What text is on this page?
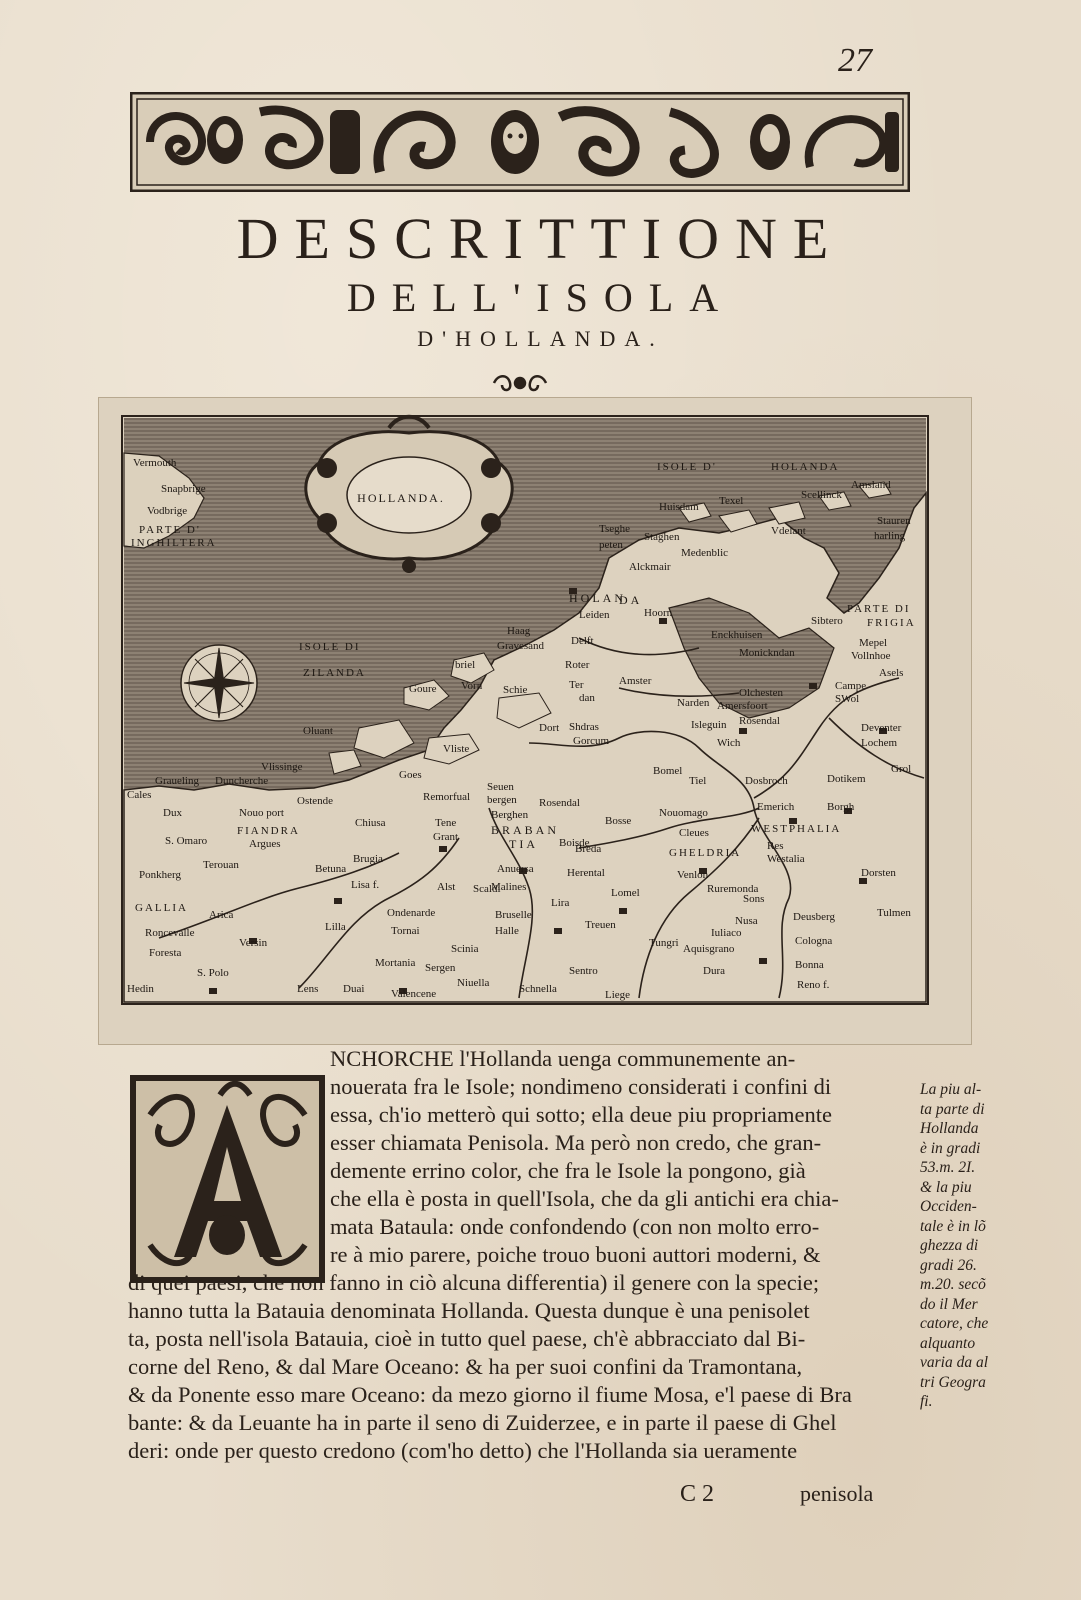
27
DESCRITTIONE
DELL'ISOLA
D'HOLLANDA.
HOLLANDA.
Vermouth
Snapbrige
Vodbrige
PARTE D'
INGHILTERA
ISOLE D'	HOLANDA
Amsland
Scellinck
Huisdam Texel
Vdelant
Stauren
harling
Tseghe
peten
Staghen
Medenblic
Alckmair
HOLAN
DA
Leiden	Hoorn
Haag
Gravesand Delft
Roter
Enckhuisen
Sibtero
PARTE DI
FRIGIA
Mepel
Vollnhoe
ISOLE DI
ZILANDA
briel
Vorn Schie	Ter
dan
Amster
Monickndan
Asels
Campe
SWol
Narden
Olchesten
Amersfoort
Rosendal
Wich
Isleguin
Goure
Vlissinge
Oluant
Vliste
Goes
Dort
Gorcum
Shdras	Deventer
Lochem
Grol
Cales
Graueling Duncherche
Ostende
Nouo port
Dux
S. Omaro	Argues
Terouan
Ponkherg
FIANDRA
Brugia
Betuna
Chiusa
Remorfual
Seuen
bergen
Berghen
BRABAN
TIA Boisde
Rosendal
Bosse
Breda
Bomel
Tiel	Dosbroch	Dotikem
Emerich	Borgh
WESTPHALIA
Res
Westalia
Dorsten
Nouomago
Cleues
GHELDRIA
Venlon
Ruremonda
Herental
Lomel
Anuersa
Malines
Lira
Treuen
Grant
Tene
Lisa f.	Alst Scaldi
Ondenarde
Tornai
Lilla
GALLIA
Arica
Roncevalle
Versin
Foresta
S. Polo
Hedin	Lens Duai
Mortania Sergen
Scinia
Valencene
Niuella
Bruselle
Halle
Sentro
Schnella	Liege
Tungri Aquisgrano
Dura
Iuliaco
Nusa
Sons
Deusberg
Cologna
Bonna
Reno f.
Tulmen
NCHORCHE l'Hollanda uenga communemente an-
nouerata fra le Isole; nondimeno considerati i confini di
essa, ch'io metterò qui sotto; ella deue piu propriamente
esser chiamata Penisola. Ma però non credo, che gran-
demente errino color, che fra le Isole la pongono, già
che ella è posta in quell'Isola, che da gli antichi era chia-
mata Bataula: onde confondendo (con non molto erro-
re à mio parere, poiche trouo buoni auttori moderni, &
di quei paesi, che non fanno in ciò alcuna differentia) il genere con la specie;
hanno tutta la Batauia denominata Hollanda. Questa dunque è una penisolet
ta, posta nell'isola Batauia, cioè in tutto quel paese, ch'è abbracciato dal Bi-
corne del Reno, & dal Mare Oceano: & ha per suoi confini da Tramontana,
& da Ponente esso mare Oceano: da mezo giorno il fiume Mosa, e'l paese di Bra
bante: & da Leuante ha in parte il seno di Zuiderzee, e in parte il paese di Ghel
deri: onde per questo credono (com'ho detto) che l'Hollanda sia ueramente
La piu al-
ta parte di
Hollanda
è in gradi
53.m. 2I.
& la piu
Occiden-
tale è in lõ
ghezza di
gradi 26.
m.20. secõ
do il Mer
catore, che
alquanto
varia da al
tri Geogra
fi.
C 2	penisola
